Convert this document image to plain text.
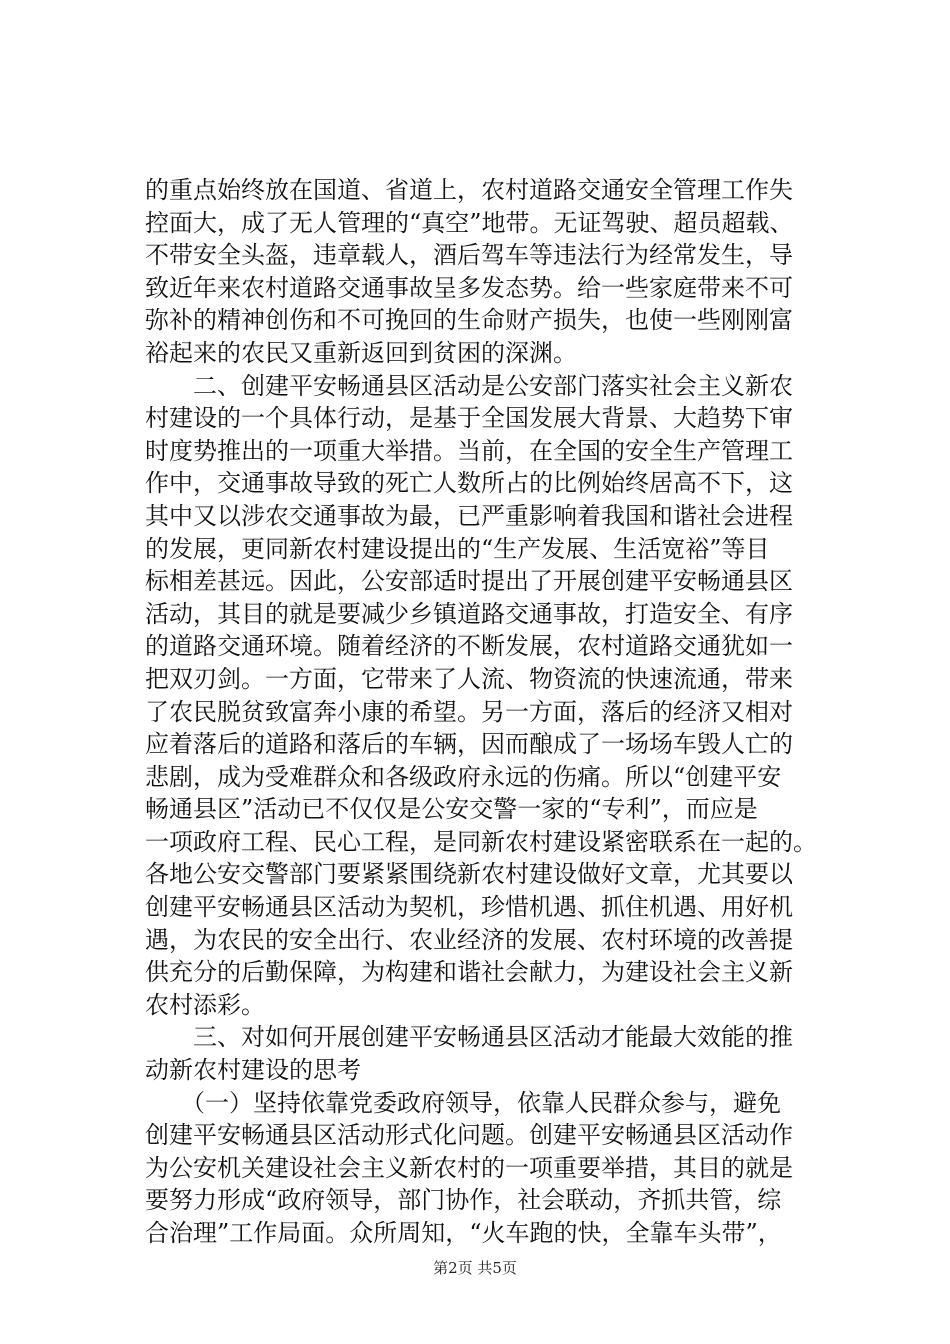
的重点始终放在国道、省道上，农村道路交通安全管理工作失
控面大，成了无人管理的“真空”地带。无证驾驶、超员超载、
不带安全头盔，违章载人，酒后驾车等违法行为经常发生，导
致近年来农村道路交通事故呈多发态势。给一些家庭带来不可
弥补的精神创伤和不可挽回的生命财产损失，也使一些刚刚富
裕起来的农民又重新返回到贫困的深渊。
　　二、创建平安畅通县区活动是公安部门落实社会主义新农
村建设的一个具体行动，是基于全国发展大背景、大趋势下审
时度势推出的一项重大举措。当前，在全国的安全生产管理工
作中，交通事故导致的死亡人数所占的比例始终居高不下，这
其中又以涉农交通事故为最，已严重影响着我国和谐社会进程
的发展，更同新农村建设提出的“生产发展、生活宽裕”等目
标相差甚远。因此，公安部适时提出了开展创建平安畅通县区
活动，其目的就是要减少乡镇道路交通事故，打造安全、有序
的道路交通环境。随着经济的不断发展，农村道路交通犹如一
把双刃剑。一方面，它带来了人流、物资流的快速流通，带来
了农民脱贫致富奔小康的希望。另一方面，落后的经济又相对
应着落后的道路和落后的车辆，因而酿成了一场场车毁人亡的
悲剧，成为受难群众和各级政府永远的伤痛。所以“创建平安
畅通县区”活动已不仅仅是公安交警一家的“专利”，而应是
一项政府工程、民心工程，是同新农村建设紧密联系在一起的。
各地公安交警部门要紧紧围绕新农村建设做好文章，尤其要以
创建平安畅通县区活动为契机，珍惜机遇、抓住机遇、用好机
遇，为农民的安全出行、农业经济的发展、农村环境的改善提
供充分的后勤保障，为构建和谐社会献力，为建设社会主义新
农村添彩。
　　三、对如何开展创建平安畅通县区活动才能最大效能的推
动新农村建设的思考
　　（一）坚持依靠党委政府领导，依靠人民群众参与，避免
创建平安畅通县区活动形式化问题。创建平安畅通县区活动作
为公安机关建设社会主义新农村的一项重要举措，其目的就是
要努力形成“政府领导，部门协作，社会联动，齐抓共管，综
合治理”工作局面。众所周知，“火车跑的快，全靠车头带”，
第2页 共5页
